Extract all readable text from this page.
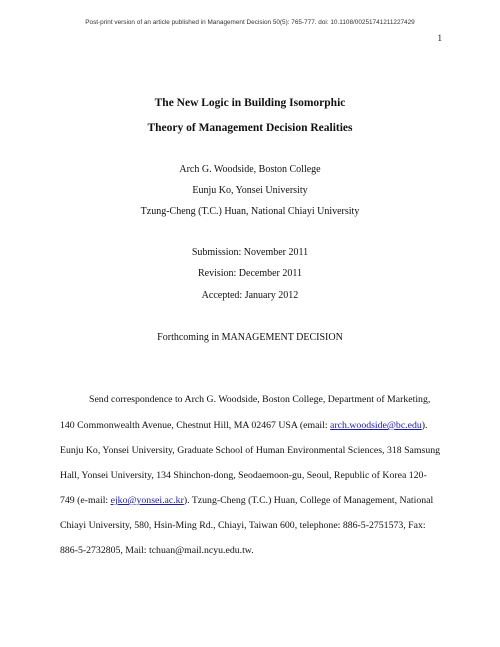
Post-print version of an article published in Management Decision 50(5): 765-777. doi: 10.1108/00251741211227429
1
The New Logic in Building Isomorphic
Theory of Management Decision Realities
Arch G. Woodside, Boston College
Eunju Ko, Yonsei University
Tzung-Cheng (T.C.) Huan, National Chiayi University
Submission: November 2011
Revision: December 2011
Accepted: January 2012
Forthcoming in MANAGEMENT DECISION
Send correspondence to Arch G. Woodside, Boston College, Department of Marketing,
140 Commonwealth Avenue, Chestnut Hill, MA 02467 USA (email: arch.woodside@bc.edu).
Eunju Ko, Yonsei University, Graduate School of Human Environmental Sciences, 318 Samsung
Hall, Yonsei University, 134 Shinchon-dong, Seodaemoon-gu, Seoul, Republic of Korea 120-
749 (e-mail: ejko@yonsei.ac.kr). Tzung-Cheng (T.C.) Huan, College of Management, National
Chiayi University, 580, Hsin-Ming Rd., Chiayi, Taiwan 600, telephone: 886-5-2751573, Fax:
886-5-2732805, Mail: tchuan@mail.ncyu.edu.tw.
